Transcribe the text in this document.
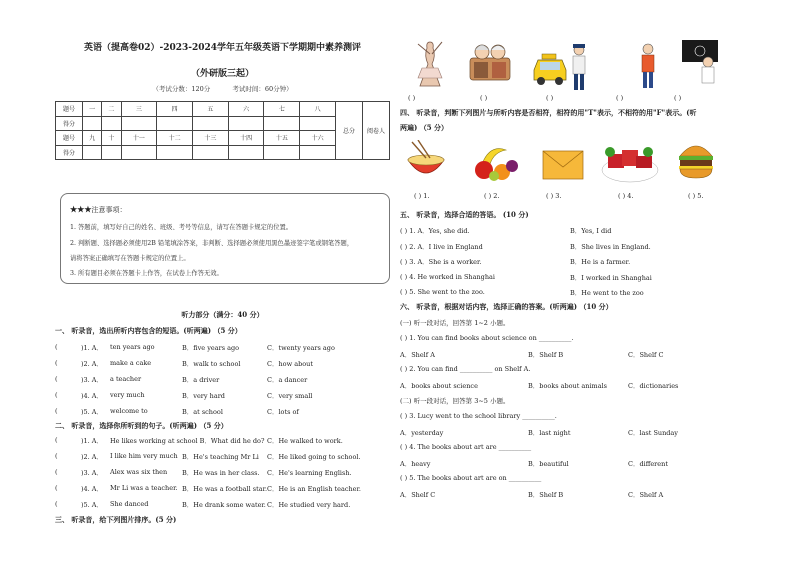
英语（提高卷02）-2023-2024学年五年级英语下学期期中素养测评
（外研版三起）
（考试分数：120分	考试时间：60分钟）
题号	一	二	三	四	五	六	七	八	总分	阅卷人
得分										
题号	九	十	十一	十二	十三	十四	十五	十六		
得分										
★★★注意事项：
1. 答题前，填写好自己的姓名、班级、考号等信息，请写在答题卡规定的位置。
2. 判断题、选择题必须使用2B 铅笔填涂答案，非判断、选择题必须使用黑色墨迹签字笔或钢笔答题，
请将答案正确填写在答题卡规定的位置上。
3. 所有题目必须在答题卡上作答，在试卷上作答无效。
听力部分（满分：40 分）
一、 听录音，选出所听内容包含的短语。(听两遍) （5 分）
(	)1. A． ten years ago	B．five years ago	C．twenty years ago
(	)2. A． make a cake	B．walk to school	C．how about
(	)3. A． a teacher	B．a driver	C．a dancer
(	)4. A． very much	B．very hard	C．very small
(	)5. A． welcome to	B．at school	C．lots of
二、 听录音，选择你所听到的句子。(听两遍) （5 分）
(	)1. A． He likes working at school B．What did he do? C．He walked to work.
(	)2. A． I like him very much B．He's teaching Mr Li C．He liked going to school.
(	)3. A． Alex was six then B．He was in her class. C．He's learning English.
(	)4. A． Mr Li was a teacher. B．He was a football star. C．He is an English teacher.
(	)5. A． She danced	B．He drank some water. C．He studied very hard.
三、 听录音，给下列图片排序。(5 分)
( )	( )	( )	( )	( )
四、 听录音，判断下列图片与所听内容是否相符，相符的用"T"表示，不相符的用"F"表示。(听
两遍) （5 分）
( ) 1.	( ) 2.	( ) 3.	( ) 4.	( ) 5.
五、 听录音，选择合适的答语。 (10 分)
( ) 1. A．Yes, she did.	B．Yes, I did
( ) 2. A．I live in England	B．She lives in England.
( ) 3. A．She is a worker.	B．He is a farmer.
( ) 4. He worked in Shanghai	B．I worked in Shanghai
( ) 5. She went to the zoo.	B．He went to the zoo
六、 听录音，根据对话内容，选择正确的答案。(听两遍) （10 分）
(一) 听一段对话，回答第 1~2 小题。
( ) 1. You can find books about science on __________.
A．Shelf A	B．Shelf B	C．Shelf C
( ) 2. You can find __________ on Shelf A.
A．books about science	B．books about animals	C．dictionaries
(二) 听一段对话，回答第 3~5 小题。
( ) 3. Lucy went to the school library __________.
A．yesterday	B．last night	C．last Sunday
( ) 4. The books about art are __________
A．heavy	B．beautiful	C．different
( ) 5. The books about art are on __________
A．Shelf C	B．Shelf B	C．Shelf A
